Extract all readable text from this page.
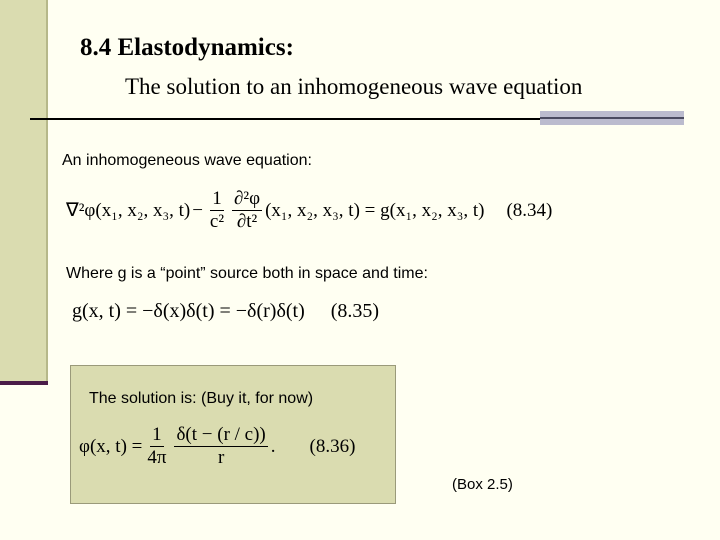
8.4 Elastodynamics:
The solution to an inhomogeneous wave equation
An inhomogeneous wave equation:
∇²φ(x₁, x₂, x₃, $t) - \frac{1}{\text{c²}} \frac{\text{∂²φ}}{\text{∂t²}} (x_1$, x₂, x₃, t) = g(x₁, x₂, x₃, t) (8.34)
Where g is a “point” source both in space and time:
g(x, t) = −δ(x)δ(t) = −δ(r)δ(t) (8.35)
The solution is: (Buy it, for now)
φ(x, $t) = \frac{1}{4\pi} \frac{\delta(t - (r / c))}{r}$ . (8.36)
(Box 2.5)
